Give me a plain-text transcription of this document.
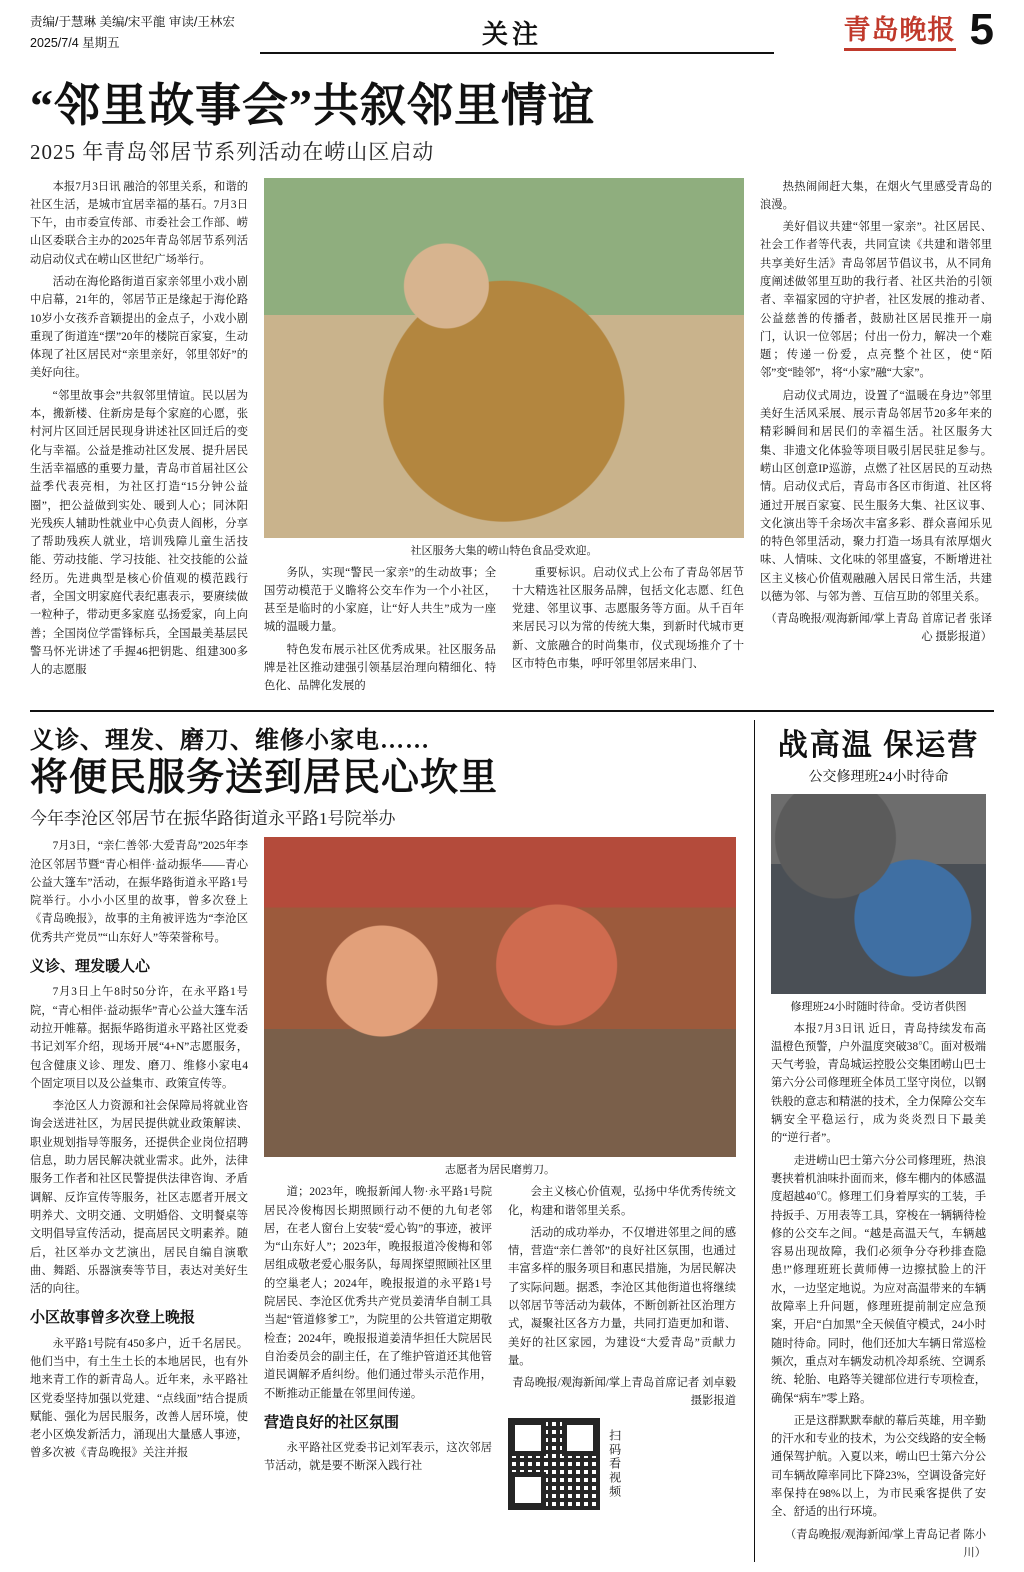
责编/于慧琳 美编/宋平龍 审读/王林宏
2025/7/4 星期五	关注	青岛晚报 5
“邻里故事会”共叙邻里情谊
2025 年青岛邻居节系列活动在崂山区启动

本报7月3日讯 融洽的邻里关系，和谐的社区生活，是城市宜居幸福的基石。7月3日下午，由市委宣传部、市委社会工作部、崂山区委联合主办的2025年青岛邻居节系列活动启动仪式在崂山区世纪广场举行。

活动在海伦路街道百家亲邻里小戏小剧中启幕，21年的，邻居节正是缘起于海伦路10岁小女孩乔音颖提出的金点子，小戏小剧重现了街道连“摆”20年的楼院百家宴，生动体现了社区居民对“亲里亲好，邻里邻好”的美好向往。

“邻里故事会”共叙邻里情谊。民以居为本，搬新楼、住新房是每个家庭的心愿，张村河片区回迁居民现身讲述社区回迁后的变化与幸福。公益是推动社区发展、提升居民生活幸福感的重要力量，青岛市首届社区公益季代表亮相，为社区打造“15分钟公益圈”，把公益做到实处、暖到人心；同沐阳光残疾人辅助性就业中心负责人阎彬，分享了帮助残疾人就业，培训残障儿童生活技能、劳动技能、学习技能、社交技能的公益经历。先进典型是核心价值观的模范践行者，全国文明家庭代表纪惠表示，要赓续做一粒种子，带动更多家庭 弘扬爱家，向上向善；全国岗位学雷锋标兵，全国最美基层民警马怀光讲述了手握46把钥匙、组建300多人的志愿服

社区服务大集的崂山特色食品受欢迎。

务队，实现“警民一家亲”的生动故事；全国劳动模范于义瞻将公交车作为一个小社区，甚至是临时的小家庭，让“好人共生”成为一座城的温暖力量。

特色发布展示社区优秀成果。社区服务品牌是社区推动建强引领基层治理向精细化、特色化、品牌化发展的

重要标识。启动仪式上公布了青岛邻居节十大精选社区服务品牌，包括文化志愿、红色党建、邻里议事、志愿服务等方面。从千百年来居民习以为常的传统大集，到新时代城市更新、文旅融合的时尚集市，仪式现场推介了十区市特色市集，呼吁邻里邻居来串门、

热热闹闹赶大集，在烟火气里感受青岛的浪漫。

美好倡议共建“邻里一家亲”。社区居民、社会工作者等代表，共同宣读《共建和谐邻里 共享美好生活》青岛邻居节倡议书，从不同角度阐述做邻里互助的我行者、社区共治的引领者、幸福家园的守护者，社区发展的推动者、公益慈善的传播者，鼓励社区居民推开一扇门，认识一位邻居；付出一份力，解决一个难题；传递一份爱，点亮整个社区，使“陌邻”变“睦邻”，将“小家”融“大家”。

启动仪式周边，设置了“温暖在身边”邻里美好生活风采展、展示青岛邻居节20多年来的精彩瞬间和居民们的幸福生活。社区服务大集、非遗文化体验等项目吸引居民驻足参与。崂山区创意IP巡游，点燃了社区居民的互动热情。启动仪式后，青岛市各区市街道、社区将通过开展百家宴、民生服务大集、社区议事、文化演出等千余场次丰富多彩、群众喜闻乐见的特色邻里活动，聚力打造一场具有浓厚烟火味、人情味、文化味的邻里盛宴，不断增进社区主义核心价值观融融入居民日常生活，共建以德为邻、与邻为善、互信互助的邻里关系。

（青岛晚报/观海新闻/掌上青岛 首席记者 张译心 摄影报道）
义诊、理发、磨刀、维修小家电……
将便民服务送到居民心坎里
今年李沧区邻居节在振华路街道永平路1号院举办

7月3日，“亲仁善邻·大爱青岛”2025年李沧区邻居节暨“青心相伴·益动振华——青心公益大篷车”活动，在振华路街道永平路1号院举行。小小小区里的故事，曾多次登上《青岛晚报》，故事的主角被评选为“李沧区优秀共产党员”“山东好人”等荣誉称号。

义诊、理发暖人心

7月3日上午8时50分许，在永平路1号院，“青心相伴·益动振华”青心公益大篷车活动拉开帷幕。据振华路街道永平路社区党委书记刘军介绍，现场开展“4+N”志愿服务，包含健康义诊、理发、磨刀、维修小家电4个固定项目以及公益集市、政策宣传等。

李沧区人力资源和社会保障局将就业咨询会送进社区，为居民提供就业政策解读、职业规划指导等服务，还提供企业岗位招聘信息，助力居民解决就业需求。此外，法律服务工作者和社区民警提供法律咨询、矛盾调解、反诈宣传等服务，社区志愿者开展文明养犬、文明交通、文明婚俗、文明餐桌等文明倡导宣传活动，提高居民文明素养。随后，社区举办文艺演出，居民自编自演歌曲、舞蹈、乐器演奏等节目，表达对美好生活的向往。

小区故事曾多次登上晚报

永平路1号院有450多户，近千名居民。他们当中，有土生土长的本地居民，也有外地来青工作的新青岛人。近年来，永平路社区党委坚持加强以党建、“点线面”结合提质赋能、强化为居民服务，改善人居环境，使老小区焕发新活力，涌现出大量感人事迹，曾多次被《青岛晚报》关注并报

志愿者为居民磨剪刀。

道；2023年，晚报新闻人物·永平路1号院居民冷俊梅因长期照顾行动不便的九旬老邻居，在老人窗台上安装“爱心钩”的事迹，被评为“山东好人”；2023年，晚报报道冷俊梅和邻居组成敬老爱心服务队，每周探望照顾社区里的空巢老人；2024年，晚报报道的永平路1号院居民、李沧区优秀共产党员姜清华自制工具当起“管道修爹工”，为院里的公共管道定期敬检查；2024年，晚报报道姜清华担任大院居民自治委员会的副主任，在了维护管道还其他管道民调解矛盾纠纷。他们通过带头示范作用，不断推动正能量在邻里间传递。

营造良好的社区氛围

永平路社区党委书记刘军表示，这次邻居节活动，就是要不断深入践行社

会主义核心价值观，弘扬中华优秀传统文化，构建和谐邻里关系。

活动的成功举办，不仅增进邻里之间的感情，营造“亲仁善邻”的良好社区氛围，也通过丰富多样的服务项目和惠民措施，为居民解决了实际问题。据悉，李沧区其他街道也将继续以邻居节等活动为载体，不断创新社区治理方式，凝聚社区各方力量，共同打造更加和谐、美好的社区家园，为建设“大爱青岛”贡献力量。

青岛晚报/观海新闻/掌上青岛首席记者 刘卓毅 摄影报道
扫码看视频
战高温 保运营
公交修理班24小时待命
修理班24小时随时待命。受访者供图

本报7月3日讯 近日，青岛持续发布高温橙色预警，户外温度突破38℃。面对极端天气考验，青岛城运控股公交集团崂山巴士第六分公司修理班全体员工坚守岗位，以钢铁般的意志和精湛的技术，全力保障公交车辆安全平稳运行，成为炎炎烈日下最美的“逆行者”。

走进崂山巴士第六分公司修理班，热浪裹挟着机油味扑面而来，修车棚内的体感温度超越40℃。修理工们身着厚实的工装，手持扳手、万用表等工具，穿梭在一辆辆待检修的公交车之间。“越是高温天气，车辆越容易出现故障，我们必须争分夺秒排查隐患!”修理班班长黄师傅一边擦拭脸上的汗水，一边坚定地说。为应对高温带来的车辆故障率上升问题，修理班提前制定应急预案，开启“白加黑”全天候值守模式，24小时随时待命。同时，他们还加大车辆日常巡检频次，重点对车辆发动机冷却系统、空调系统、轮胎、电路等关键部位进行专项检查，确保“病车”零上路。

正是这群默默奉献的幕后英雄，用辛勤的汗水和专业的技术，为公交线路的安全畅通保驾护航。入夏以来，崂山巴士第六分公司车辆故障率同比下降23%，空调设备完好率保持在98%以上，为市民乘客提供了安全、舒适的出行环境。

（青岛晚报/观海新闻/掌上青岛记者 陈小川）
